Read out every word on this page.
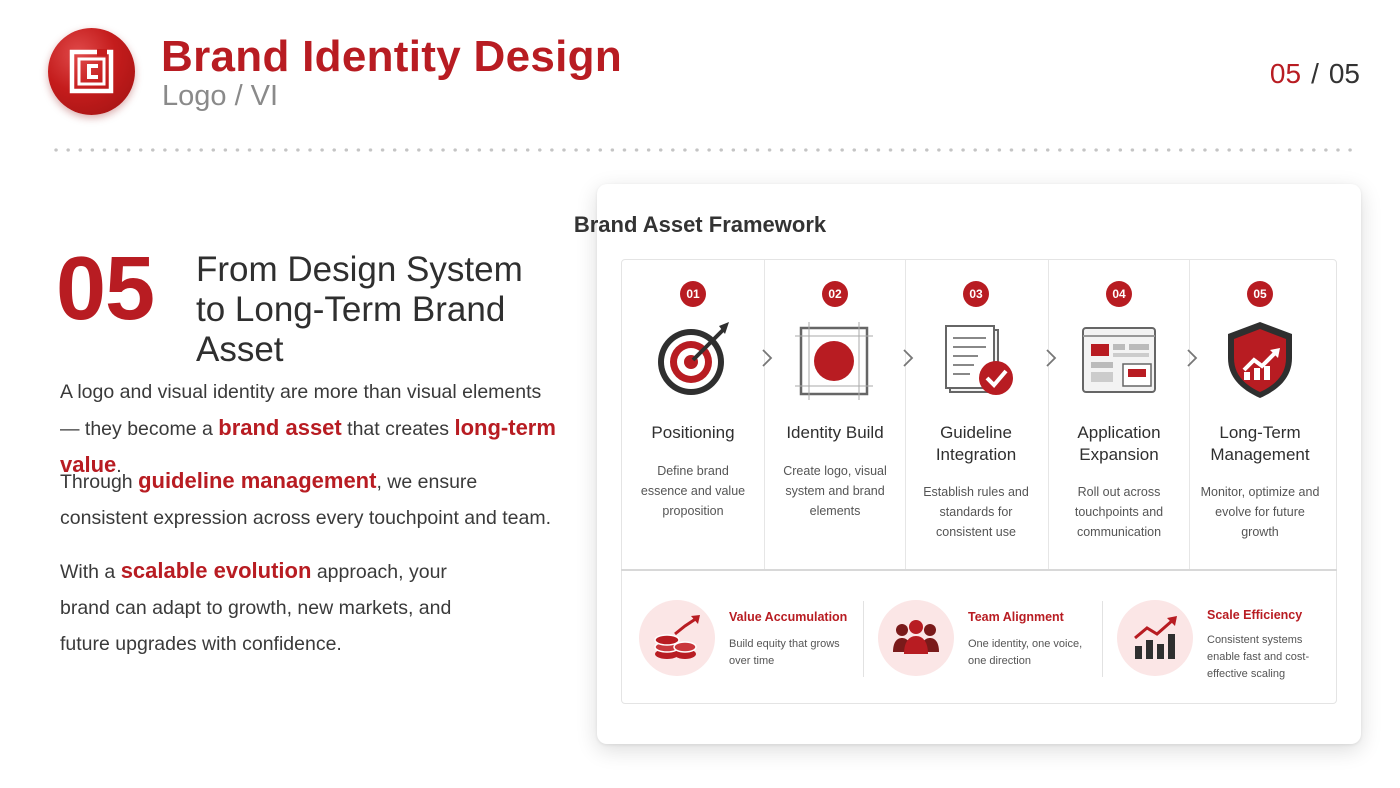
Brand Identity Design
Logo / VI
05 / 05
05 From Design System to Long-Term Brand Asset

A logo and visual identity are more than visual elements— they become a brand asset that creates long-term value.

Through guideline management, we ensure consistent expression across every touchpoint and team.

With a scalable evolution approach, your brand can adapt to growth, new markets, and future upgrades with confidence.

Brand Asset Framework
01
Positioning
Define brand essence and value proposition
02
Identity Build
Create logo, visual system and brand elements
03
Guideline Integration
Establish rules and standards for consistent use
04
Application Expansion
Roll out across touchpoints and communication
05
Long-Term Management
Monitor, optimize and evolve for future growth
Value Accumulation
Build equity that grows over time
Team Alignment
One identity, one voice, one direction
Scale Efficiency
Consistent systems enable fast and cost-effective scaling
